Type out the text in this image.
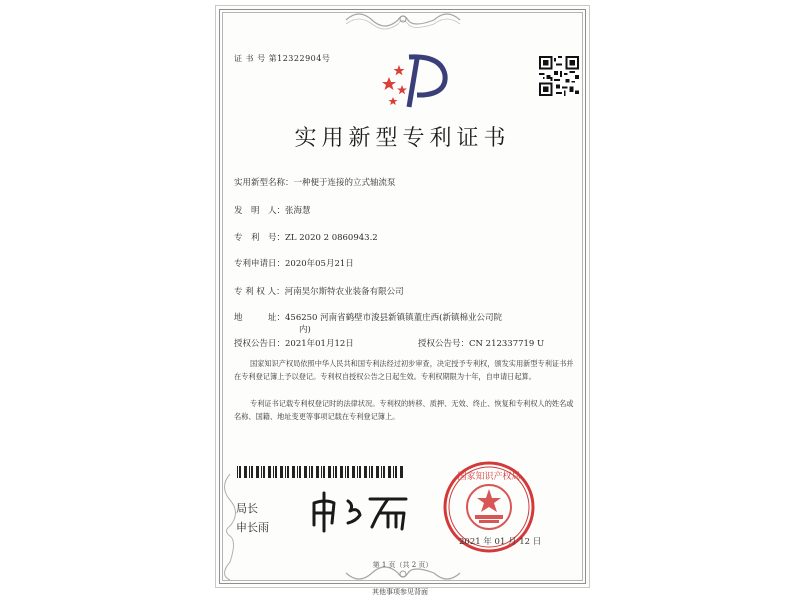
证 书 号 第12322904号
实用新型专利证书
实用新型名称：一种便于连接的立式轴流泵
发　明　人：张海慧
专　利　号：ZL 2020 2 0860943.2
专利申请日：2020年05月21日
专 利 权 人：河南昊尔斯特农业装备有限公司
地　　　址：456250 河南省鹤壁市浚县新镇镇董庄西(新镇棉业公司院
内)
授权公告日：2021年01月12日	授权公告号：CN 212337719 U
国家知识产权局依照中华人民共和国专利法经过初步审查，决定授予专利权，颁发实用新型专利证书并在专利登记簿上予以登记。专利权自授权公告之日起生效。专利权期限为十年，自申请日起算。
专利证书记载专利权登记时的法律状况。专利权的转移、质押、无效、终止、恢复和专利权人的姓名或名称、国籍、地址变更等事项记载在专利登记簿上。
局长
申长雨
国家知识产权局
2021 年 01 月 12 日
第 1 页（共 2 页）
其他事项参见背面
